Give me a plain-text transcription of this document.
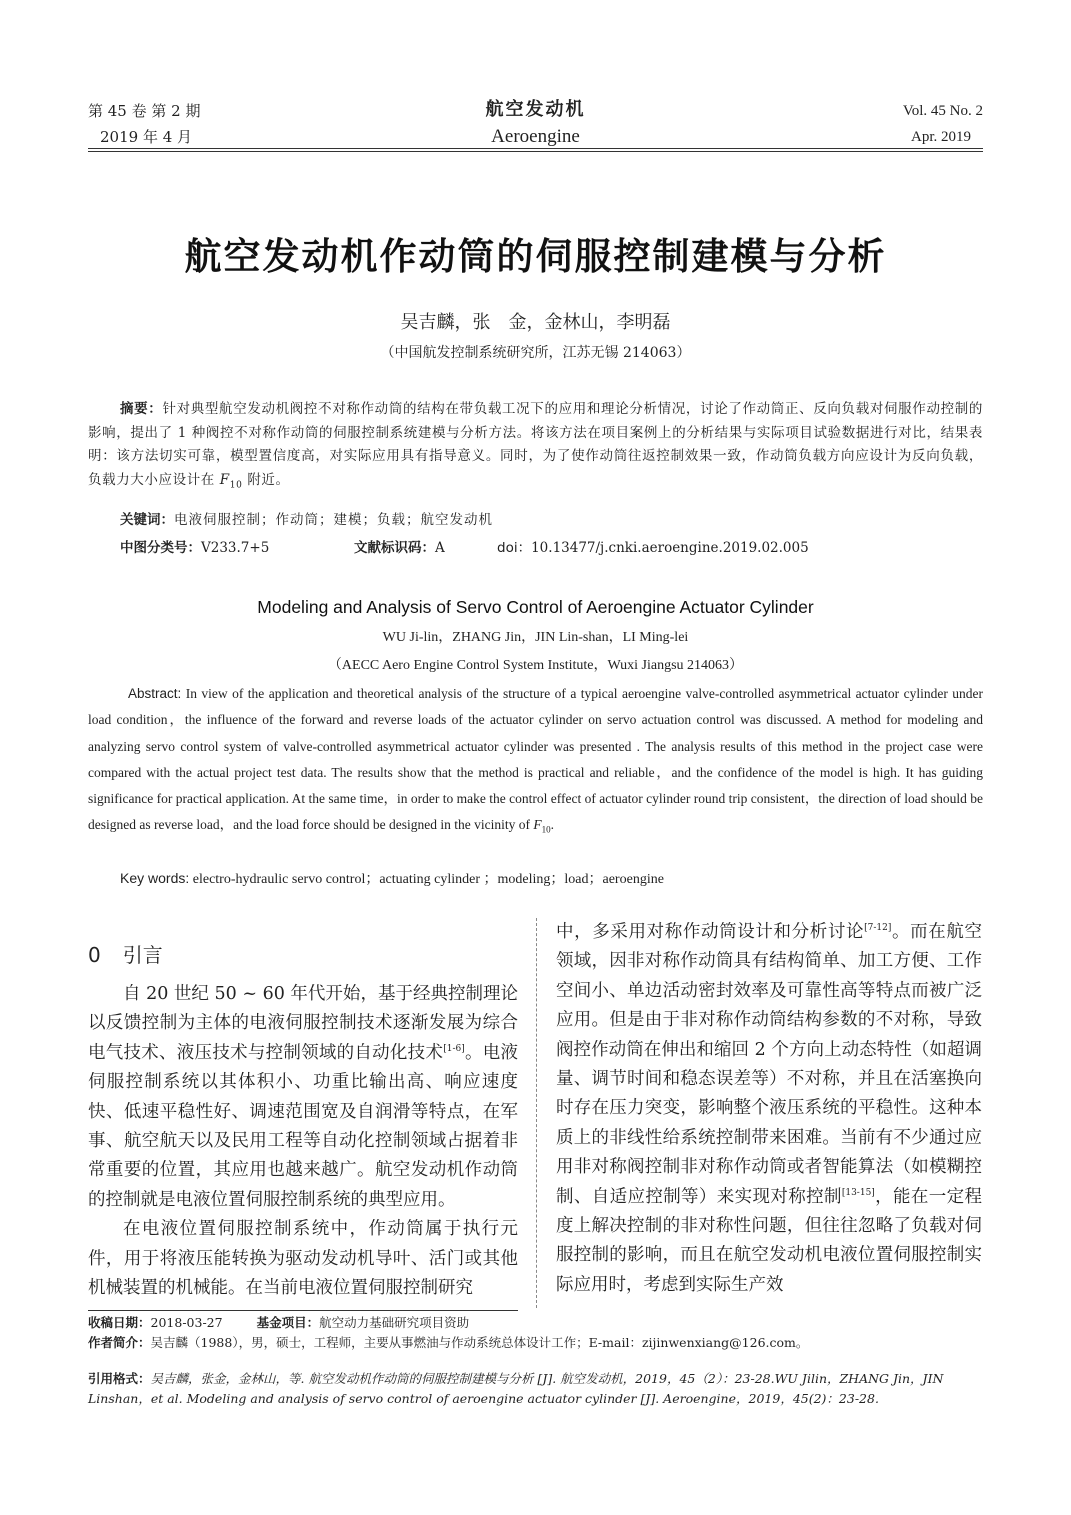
第 45 卷 第 2 期
2019 年 4 月
航空发动机
Aeroengine
Vol. 45 No. 2
Apr. 2019
航空发动机作动筒的伺服控制建模与分析
吴吉麟，张　金，金林山，李明磊
（中国航发控制系统研究所，江苏无锡 214063）
摘要：针对典型航空发动机阀控不对称作动筒的结构在带负载工况下的应用和理论分析情况，讨论了作动筒正、反向负载对伺服作动控制的影响，提出了 1 种阀控不对称作动筒的伺服控制系统建模与分析方法。将该方法在项目案例上的分析结果与实际项目试验数据进行对比，结果表明：该方法切实可靠，模型置信度高，对实际应用具有指导意义。同时，为了使作动筒往返控制效果一致，作动筒负载方向应设计为反向负载，负载力大小应设计在 $F_{10}$ 附近。
关键词：电液伺服控制；作动筒；建模；负载；航空发动机
中图分类号：V233.7+5	文献标识码：A	doi：10.13477/j.cnki.aeroengine.2019.02.005
Modeling and Analysis of Servo Control of Aeroengine Actuator Cylinder
WU Ji-lin，ZHANG Jin，JIN Lin-shan，LI Ming-lei
（AECC Aero Engine Control System Institute，Wuxi Jiangsu 214063）
Abstract: In view of the application and theoretical analysis of the structure of a typical aeroengine valve-controlled asymmetrical actuator cylinder under load condition，the influence of the forward and reverse loads of the actuator cylinder on servo actuation control was discussed. A method for modeling and analyzing servo control system of valve-controlled asymmetrical actuator cylinder was presented . The analysis results of this method in the project case were compared with the actual project test data. The results show that the method is practical and reliable，and the confidence of the model is high. It has guiding significance for practical application. At the same time，in order to make the control effect of actuator cylinder round trip consistent，the direction of load should be designed as reverse load，and the load force should be designed in the vicinity of $F_{10}$.
Key words: electro-hydraulic servo control；actuating cylinder ；modeling；load；aeroengine
0 引言

自 20 世纪 50 ~ 60 年代开始，基于经典控制理论以反馈控制为主体的电液伺服控制技术逐渐发展为综合电气技术、液压技术与控制领域的自动化技术[1-6]。电液伺服控制系统以其体积小、功重比输出高、响应速度快、低速平稳性好、调速范围宽及自润滑等特点，在军事、航空航天以及民用工程等自动化控制领域占据着非常重要的位置，其应用也越来越广。航空发动机作动筒的控制就是电液位置伺服控制系统的典型应用。

在电液位置伺服控制系统中，作动筒属于执行元件，用于将液压能转换为驱动发动机导叶、活门或其他机械装置的机械能。在当前电液位置伺服控制研究

中，多采用对称作动筒设计和分析讨论[7-12]。而在航空领域，因非对称作动筒具有结构简单、加工方便、工作空间小、单边活动密封效率及可靠性高等特点而被广泛应用。但是由于非对称作动筒结构参数的不对称，导致阀控作动筒在伸出和缩回 2 个方向上动态特性（如超调量、调节时间和稳态误差等）不对称，并且在活塞换向时存在压力突变，影响整个液压系统的平稳性。这种本质上的非线性给系统控制带来困难。当前有不少通过应用非对称阀控制非对称作动筒或者智能算法（如模糊控制、自适应控制等）来实现对称控制[13-15]，能在一定程度上解决控制的非对称性问题，但往往忽略了负载对伺服控制的影响，而且在航空发动机电液位置伺服控制实际应用时，考虑到实际生产效

收稿日期：2018-03-27	基金项目：航空动力基础研究项目资助
作者简介：吴吉麟（1988），男，硕士，工程师，主要从事燃油与作动系统总体设计工作；E-mail：zijinwenxiang@126.com。
引用格式：吴吉麟，张金，金林山，等. 航空发动机作动筒的伺服控制建模与分析 [J]. 航空发动机，2019，45（2）：23-28.WU Jilin，ZHANG Jin，JIN Linshan，et al. Modeling and analysis of servo control of aeroengine actuator cylinder [J]. Aeroengine，2019，45(2)：23-28.
